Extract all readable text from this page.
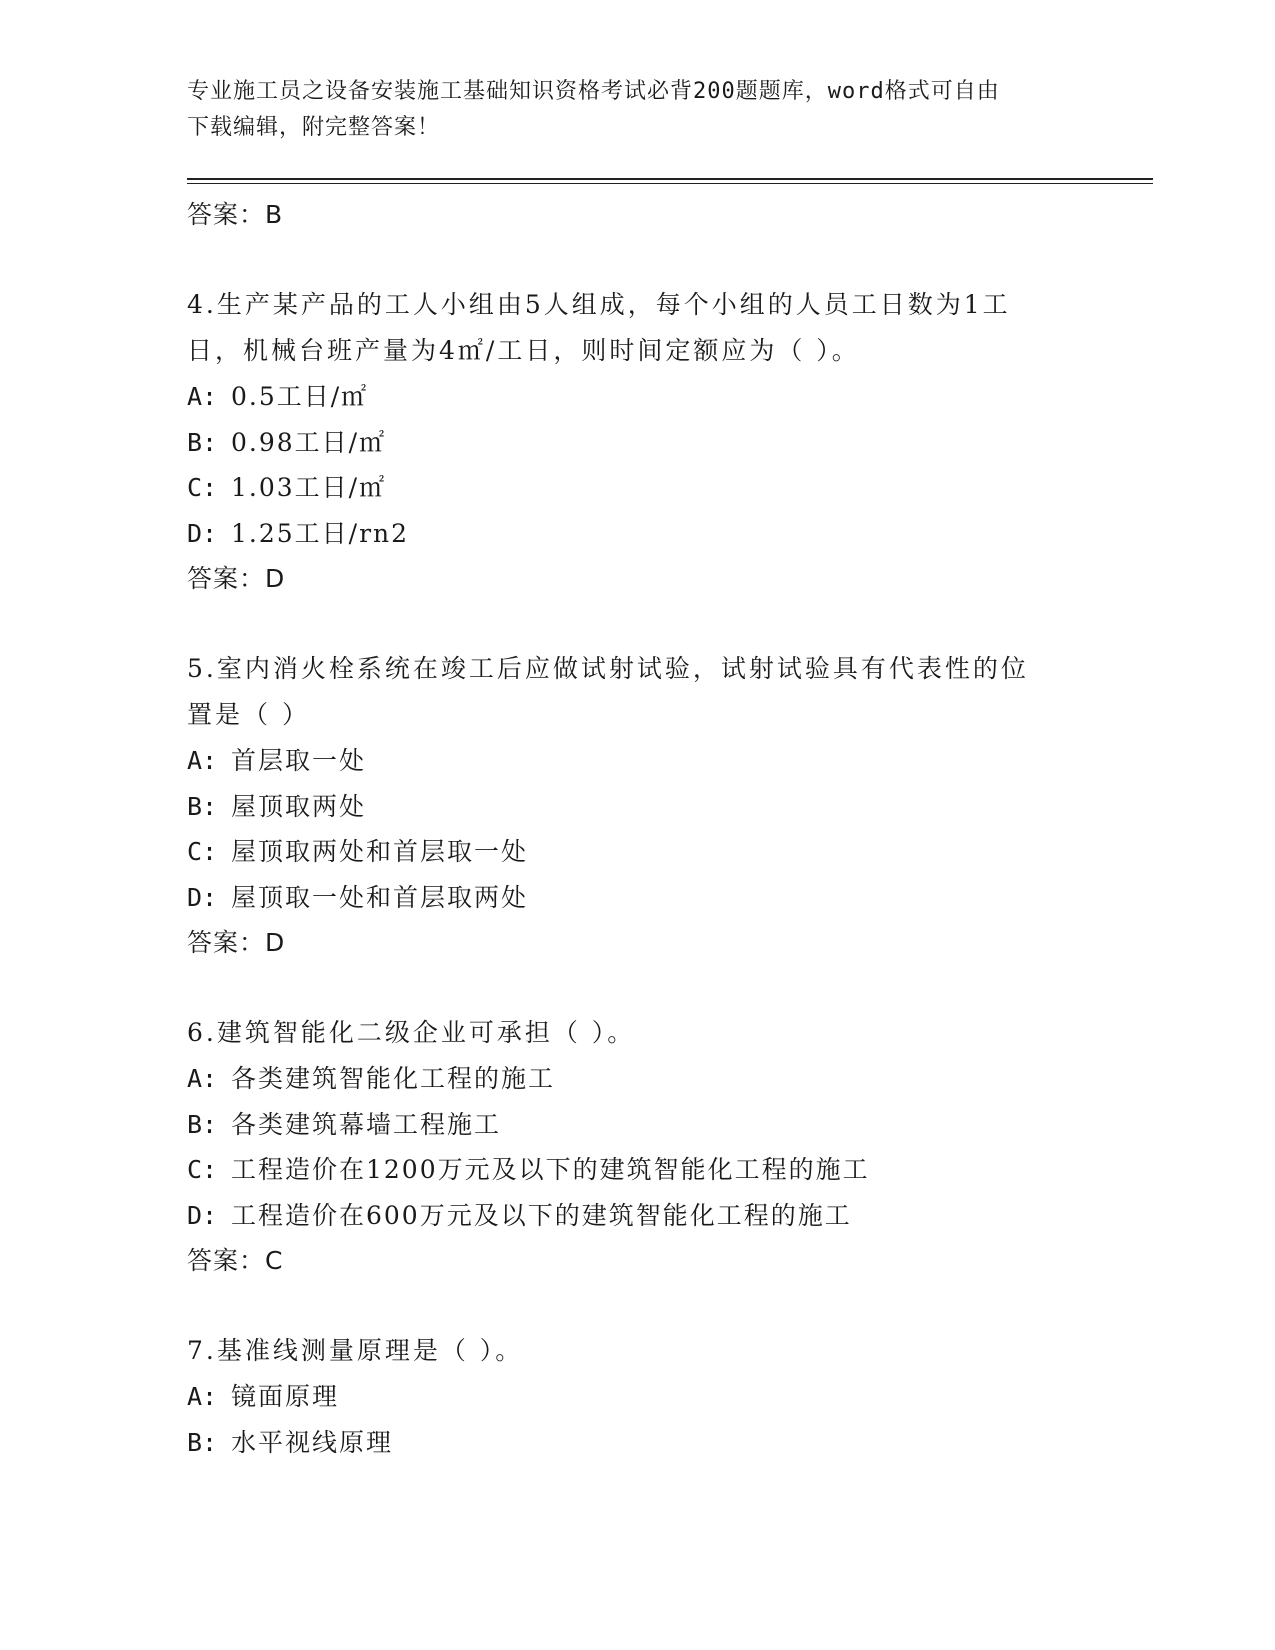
专业施工员之设备安装施工基础知识资格考试必背200题题库，word格式可自由
下载编辑，附完整答案！
答案：B
4.生产某产品的工人小组由5人组成，每个小组的人员工日数为1工
日，机械台班产量为4㎡/工日，则时间定额应为（ ）。
A: 0.5工日/㎡
B: 0.98工日/㎡
C: 1.03工日/㎡
D: 1.25工日/rn2
答案：D
5.室内消火栓系统在竣工后应做试射试验，试射试验具有代表性的位
置是（ ）
A: 首层取一处
B: 屋顶取两处
C: 屋顶取两处和首层取一处
D: 屋顶取一处和首层取两处
答案：D
6.建筑智能化二级企业可承担（ ）。
A: 各类建筑智能化工程的施工
B: 各类建筑幕墙工程施工
C: 工程造价在1200万元及以下的建筑智能化工程的施工
D: 工程造价在600万元及以下的建筑智能化工程的施工
答案：C
7.基准线测量原理是（ ）。
A: 镜面原理
B: 水平视线原理
